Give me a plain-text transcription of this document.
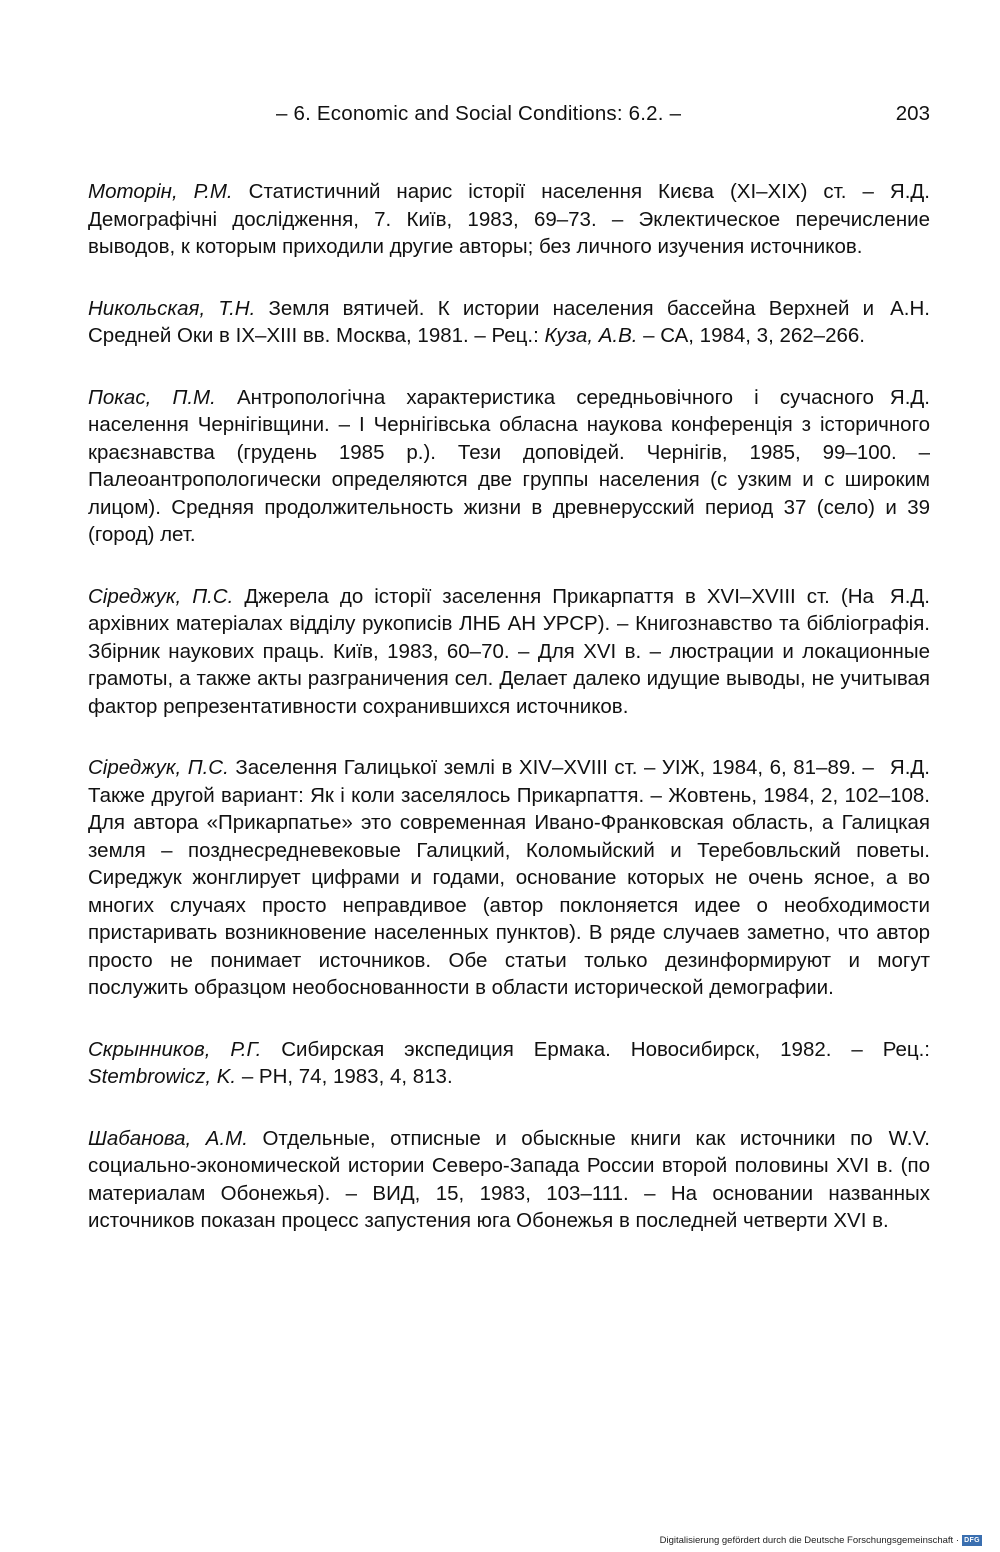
– 6. Economic and Social Conditions: 6.2. –	203
Я.Д.
Моторін, Р.М. Статистичний нарис історії населення Києва (XI–XIX) ст. – Демографічні дослідження, 7. Київ, 1983, 69–73. – Эклектическое перечисление выводов, к которым приходили другие авторы; без личного изучения источников.
А.Н.
Никольская, Т.Н. Земля вятичей. К истории населения бассейна Верхней и Средней Оки в IX–XIII вв. Москва, 1981. – Рец.: Куза, А.В. – СА, 1984, 3, 262–266.
Я.Д.
Покас, П.М. Антропологічна характеристика середньовічного і сучасного населення Чернігівщини. – I Чернігівська обласна наукова конференція з історичного краєзнавства (грудень 1985 р.). Тези доповідей. Чернігів, 1985, 99–100. – Палеоантропологически определяются две группы населения (с узким и с широким лицом). Средняя продолжительность жизни в древнерусский период 37 (село) и 39 (город) лет.
Я.Д.
Сіреджук, П.С. Джерела до історії заселення Прикарпаття в XVI–XVIII ст. (На архівних матеріалах відділу рукописів ЛНБ АН УРСР). – Книгознавство та бібліографія. Збірник наукових праць. Київ, 1983, 60–70. – Для XVI в. – люстрации и локационные грамоты, а также акты разграничения сел. Делает далеко идущие выводы, не учитывая фактор репрезентативности сохранившихся источников.
Я.Д.
Сіреджук, П.С. Заселення Галицької землі в XIV–XVIII ст. – УІЖ, 1984, 6, 81–89. – Также другой вариант: Як і коли заселялось Прикарпаття. – Жовтень, 1984, 2, 102–108. Для автора «Прикарпатье» это современная Ивано-Франковская область, а Галицкая земля – позднесредневековые Галицкий, Коломыйский и Теребовльский поветы. Сиреджук жонглирует цифрами и годами, основание которых не очень ясное, а во многих случаях просто неправдивое (автор поклоняется идее о необходимости пристаривать возникновение населенных пунктов). В ряде случаев заметно, что автор просто не понимает источников. Обе статьи только дезинформируют и могут послужить образцом необоснованности в области исторической демографии.
Скрынников, Р.Г. Сибирская экспедиция Ермака. Новосибирск, 1982. – Рец.: Stembrowicz, K. – РН, 74, 1983, 4, 813.
W.V.
Шабанова, А.М. Отдельные, отписные и обыскные книги как источники по социально-экономической истории Северо-Запада России второй половины XVI в. (по материалам Обонежья). – ВИД, 15, 1983, 103–111. – На основании названных источников показан процесс запустения юга Обонежья в последней четверти XVI в.
Digitalisierung gefördert durch die Deutsche Forschungsgemeinschaft · DFG
